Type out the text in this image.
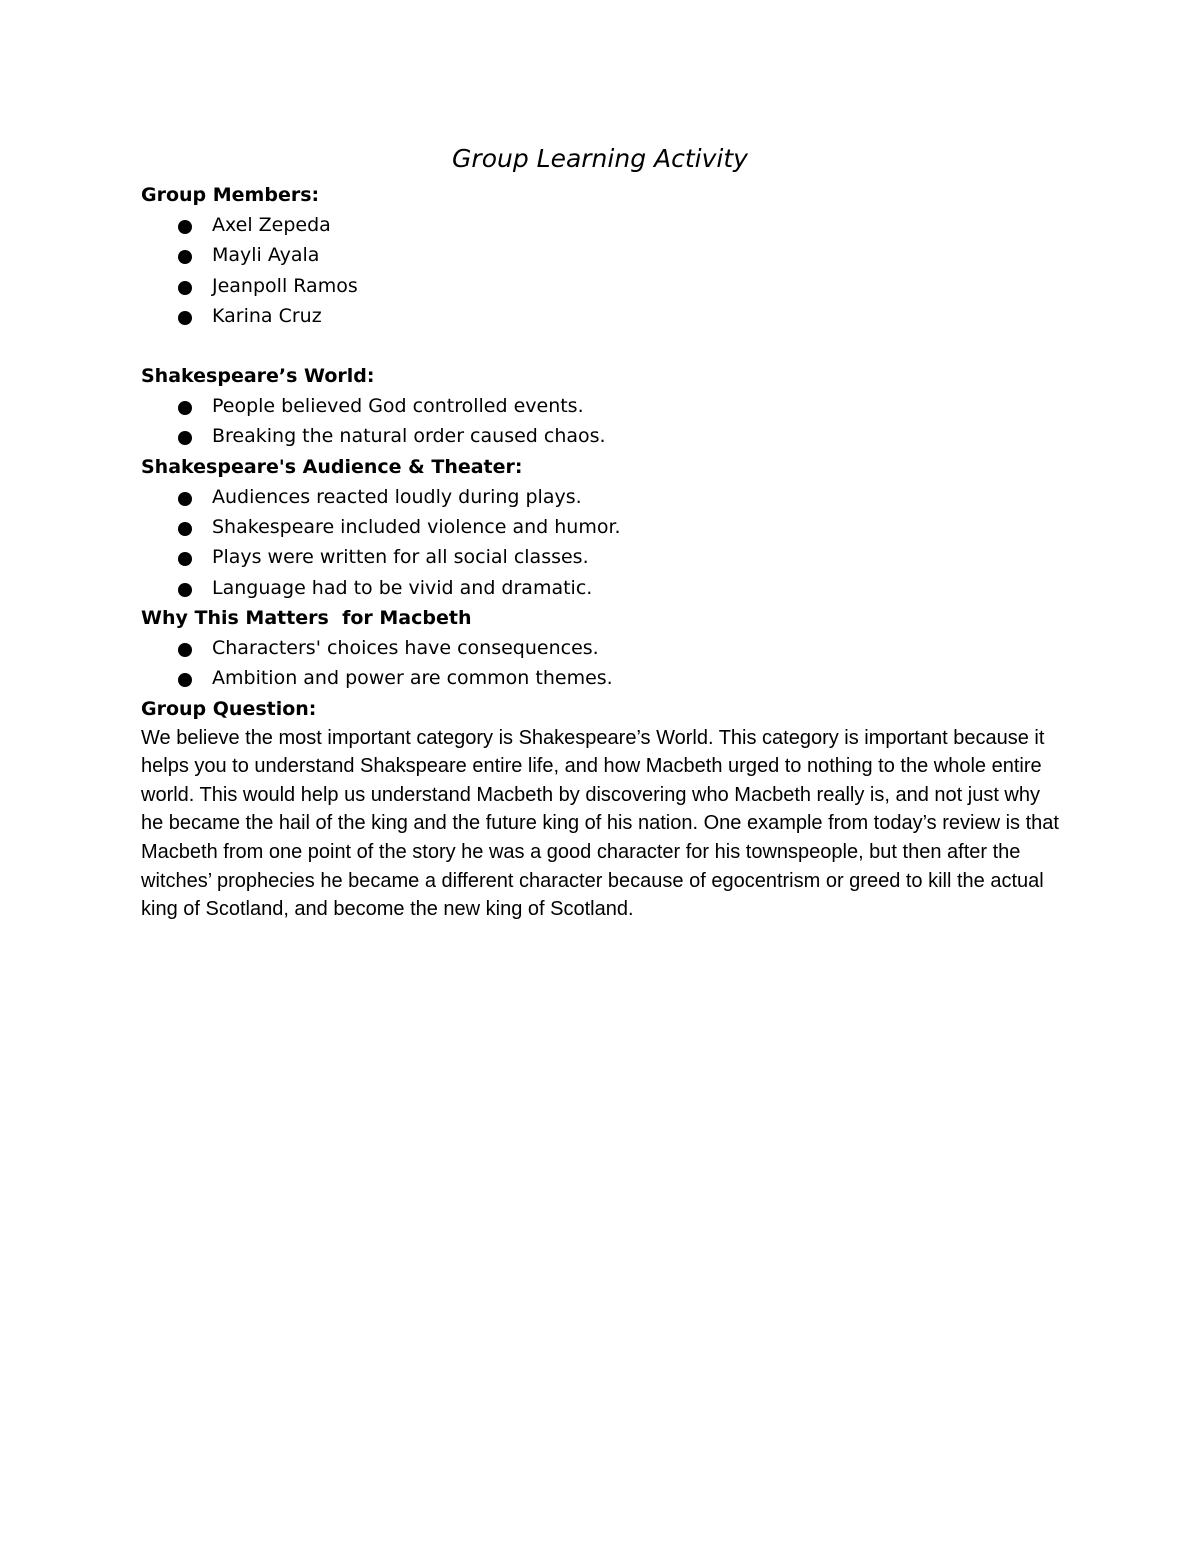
Group Learning Activity

Group Members:

Axel Zepeda
Mayli Ayala
Jeanpoll Ramos
Karina Cruz

Shakespeare’s World:

People believed God controlled events.
Breaking the natural order caused chaos.

Shakespeare's Audience & Theater:

Audiences reacted loudly during plays.
Shakespeare included violence and humor.
Plays were written for all social classes.
Language had to be vivid and dramatic.

Why This Matters  for Macbeth

Characters' choices have consequences.
Ambition and power are common themes.

Group Question:

We believe the most important category is Shakespeare’s World. This category is important because it helps you to understand Shakspeare entire life, and how Macbeth urged to nothing to the whole entire world. This would help us understand Macbeth by discovering who Macbeth really is, and not just why he became the hail of the king and the future king of his nation. One example from today’s review is that Macbeth from one point of the story he was a good character for his townspeople, but then after the witches’ prophecies he became a different character because of egocentrism or greed to kill the actual king of Scotland, and become the new king of Scotland.
